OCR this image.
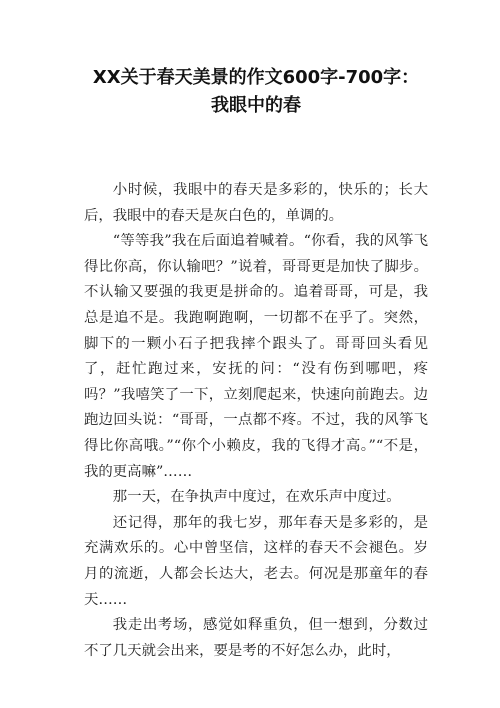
XX关于春天美景的作文600字-700字：
我眼中的春

小时候，我眼中的春天是多彩的，快乐的；长大后，我眼中的春天是灰白色的，单调的。

“等等我”我在后面追着喊着。“你看，我的风筝飞得比你高，你认输吧？”说着，哥哥更是加快了脚步。不认输又要强的我更是拼命的。追着哥哥，可是，我总是追不是。我跑啊跑啊，一切都不在乎了。突然，脚下的一颗小石子把我摔个跟头了。哥哥回头看见了，赶忙跑过来，安抚的问：“没有伤到哪吧，疼吗？”我嘻笑了一下，立刻爬起来，快速向前跑去。边跑边回头说：“哥哥，一点都不疼。不过，我的风筝飞得比你高哦。”“你个小赖皮，我的飞得才高。”“不是，我的更高嘛”……

那一天，在争执声中度过，在欢乐声中度过。

还记得，那年的我七岁，那年春天是多彩的，是充满欢乐的。心中曾坚信，这样的春天不会褪色。岁月的流逝，人都会长达大，老去。何况是那童年的春天……

我走出考场，感觉如释重负，但一想到，分数过不了几天就会出来，要是考的不好怎么办，此时，
